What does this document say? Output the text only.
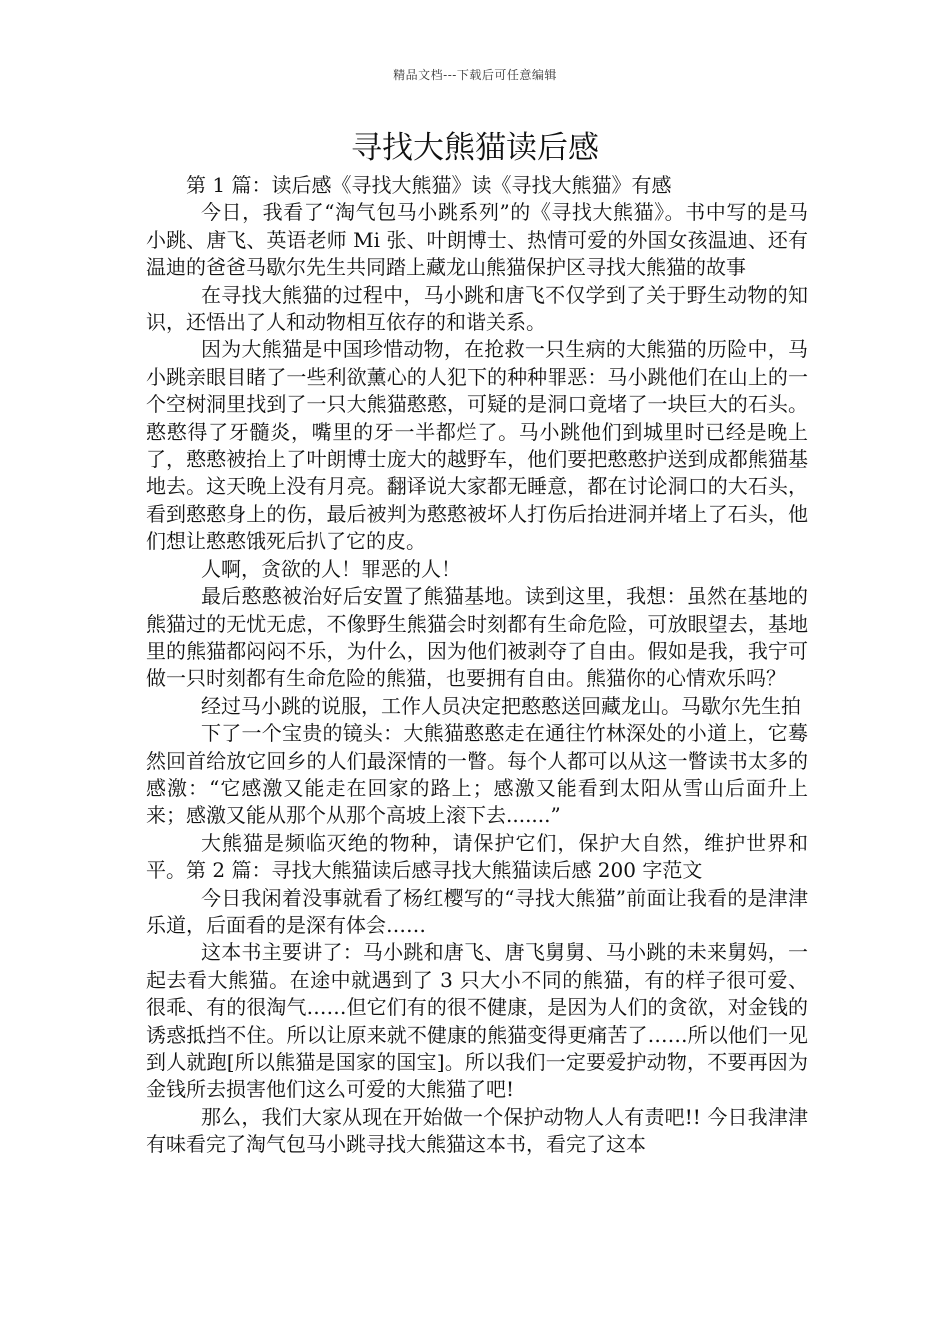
精品文档---下载后可任意编辑
寻找大熊猫读后感

第 1 篇：读后感《寻找大熊猫》读《寻找大熊猫》有感

今日，我看了“淘气包马小跳系列”的《寻找大熊猫》。书中写的是马小跳、唐飞、英语老师 Mi 张、叶朗博士、热情可爱的外国女孩温迪、还有温迪的爸爸马歇尔先生共同踏上藏龙山熊猫保护区寻找大熊猫的故事

在寻找大熊猫的过程中，马小跳和唐飞不仅学到了关于野生动物的知识，还悟出了人和动物相互依存的和谐关系。

因为大熊猫是中国珍惜动物，在抢救一只生病的大熊猫的历险中，马小跳亲眼目睹了一些利欲薰心的人犯下的种种罪恶：马小跳他们在山上的一个空树洞里找到了一只大熊猫憨憨，可疑的是洞口竟堵了一块巨大的石头。憨憨得了牙髓炎，嘴里的牙一半都烂了。马小跳他们到城里时已经是晚上了，憨憨被抬上了叶朗博士庞大的越野车，他们要把憨憨护送到成都熊猫基地去。这天晚上没有月亮。翻译说大家都无睡意，都在讨论洞口的大石头，看到憨憨身上的伤，最后被判为憨憨被坏人打伤后抬进洞并堵上了石头，他们想让憨憨饿死后扒了它的皮。

人啊，贪欲的人！罪恶的人！

最后憨憨被治好后安置了熊猫基地。读到这里，我想：虽然在基地的熊猫过的无忧无虑，不像野生熊猫会时刻都有生命危险，可放眼望去，基地里的熊猫都闷闷不乐，为什么，因为他们被剥夺了自由。假如是我，我宁可做一只时刻都有生命危险的熊猫，也要拥有自由。熊猫你的心情欢乐吗？

经过马小跳的说服，工作人员决定把憨憨送回藏龙山。马歇尔先生拍

下了一个宝贵的镜头：大熊猫憨憨走在通往竹林深处的小道上，它蓦然回首给放它回乡的人们最深情的一瞥。每个人都可以从这一瞥读书太多的感激：“它感激又能走在回家的路上；感激又能看到太阳从雪山后面升上来；感激又能从那个从那个高坡上滚下去.......”

大熊猫是频临灭绝的物种，请保护它们，保护大自然，维护世界和平。第 2 篇：寻找大熊猫读后感寻找大熊猫读后感 200 字范文

今日我闲着没事就看了杨红樱写的“寻找大熊猫”前面让我看的是津津乐道，后面看的是深有体会……

这本书主要讲了：马小跳和唐飞、唐飞舅舅、马小跳的未来舅妈，一起去看大熊猫。在途中就遇到了 3 只大小不同的熊猫，有的样子很可爱、很乖、有的很淘气……但它们有的很不健康，是因为人们的贪欲，对金钱的诱惑抵挡不住。所以让原来就不健康的熊猫变得更痛苦了……所以他们一见到人就跑[所以熊猫是国家的国宝]。所以我们一定要爱护动物，不要再因为金钱所去损害他们这么可爱的大熊猫了吧!

那么，我们大家从现在开始做一个保护动物人人有责吧!! 今日我津津有味看完了淘气包马小跳寻找大熊猫这本书，看完了这本
